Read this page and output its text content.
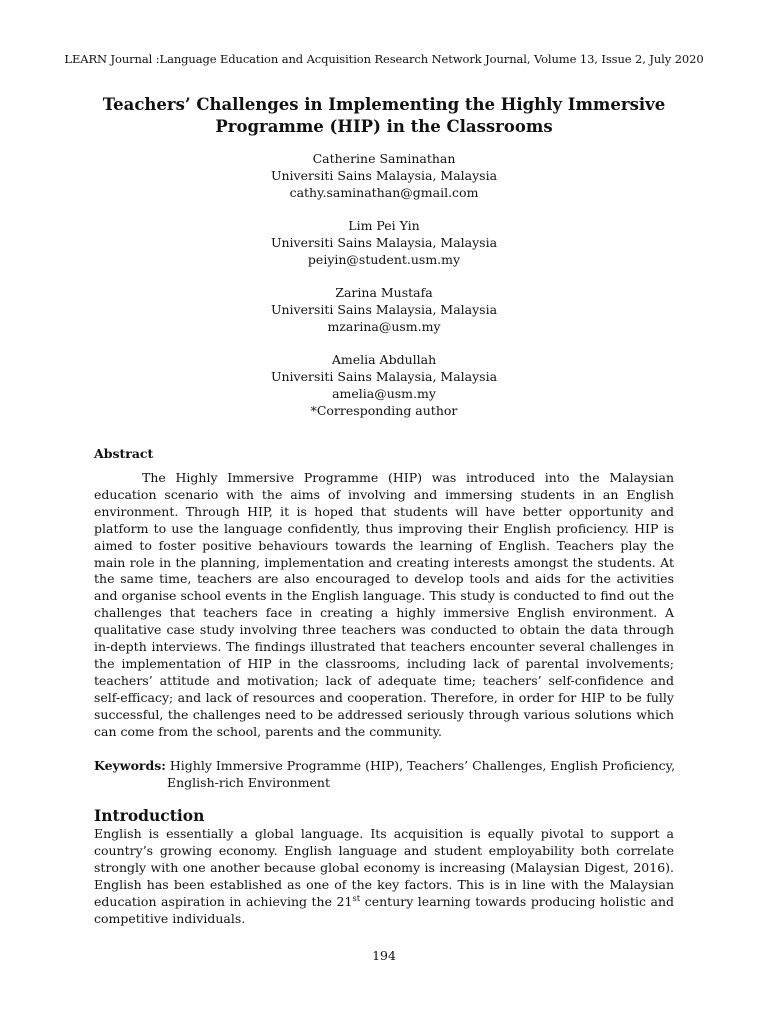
LEARN Journal :Language Education and Acquisition Research Network Journal, Volume 13, Issue 2, July 2020
Teachers’ Challenges in Implementing the Highly Immersive
Programme (HIP) in the Classrooms
Catherine Saminathan
Universiti Sains Malaysia, Malaysia
cathy.saminathan@gmail.com
Lim Pei Yin
Universiti Sains Malaysia, Malaysia
peiyin@student.usm.my
Zarina Mustafa
Universiti Sains Malaysia, Malaysia
mzarina@usm.my
Amelia Abdullah
Universiti Sains Malaysia, Malaysia
amelia@usm.my
*Corresponding author
Abstract

The Highly Immersive Programme (HIP) was introduced into the Malaysian education scenario with the aims of involving and immersing students in an English environment. Through HIP, it is hoped that students will have better opportunity and platform to use the language confidently, thus improving their English proficiency. HIP is aimed to foster positive behaviours towards the learning of English. Teachers play the main role in the planning, implementation and creating interests amongst the students. At the same time, teachers are also encouraged to develop tools and aids for the activities and organise school events in the English language. This study is conducted to find out the challenges that teachers face in creating a highly immersive English environment. A qualitative case study involving three teachers was conducted to obtain the data through in-depth interviews. The findings illustrated that teachers encounter several challenges in the implementation of HIP in the classrooms, including lack of parental involvements; teachers’ attitude and motivation; lack of adequate time; teachers’ self-confidence and self-efficacy; and lack of resources and cooperation. Therefore, in order for HIP to be fully successful, the challenges need to be addressed seriously through various solutions which can come from the school, parents and the community.

Keywords: Highly Immersive Programme (HIP), Teachers’ Challenges, English Proficiency,
English-rich Environment
Introduction

English is essentially a global language. Its acquisition is equally pivotal to support a country’s growing economy. English language and student employability both correlate strongly with one another because global economy is increasing (Malaysian Digest, 2016). English has been established as one of the key factors. This is in line with the Malaysian education aspiration in achieving the 21st century learning towards producing holistic and competitive individuals.

194
